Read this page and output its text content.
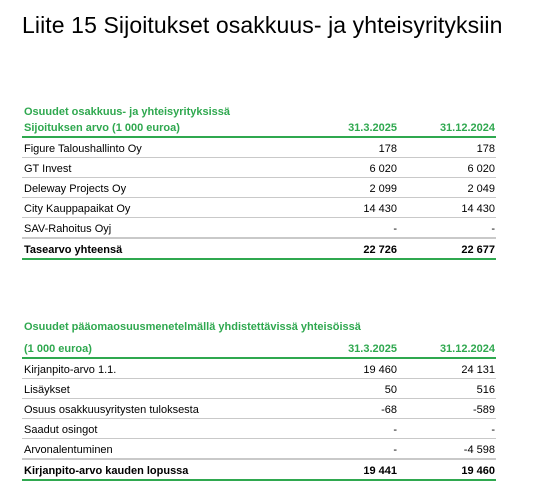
Liite 15 Sijoitukset osakkuus- ja yhteisyrityksiin
Osuudet osakkuus- ja yhteisyrityksissä
Sijoituksen arvo (1 000 euroa)	31.3.2025	31.12.2024
Figure Taloushallinto Oy	178	178
GT Invest	6 020	6 020
Deleway Projects Oy	2 099	2 049
City Kauppapaikat Oy	14 430	14 430
SAV-Rahoitus Oyj	-	-
Tasearvo yhteensä	22 726	22 677
Osuudet pääomaosuusmenetelmällä yhdistettävissä yhteisöissä
(1 000 euroa)	31.3.2025	31.12.2024
Kirjanpito-arvo 1.1.	19 460	24 131
Lisäykset	50	516
Osuus osakkuusyritysten tuloksesta	-68	-589
Saadut osingot	-	-
Arvonalentuminen	-	-4 598
Kirjanpito-arvo kauden lopussa	19 441	19 460
